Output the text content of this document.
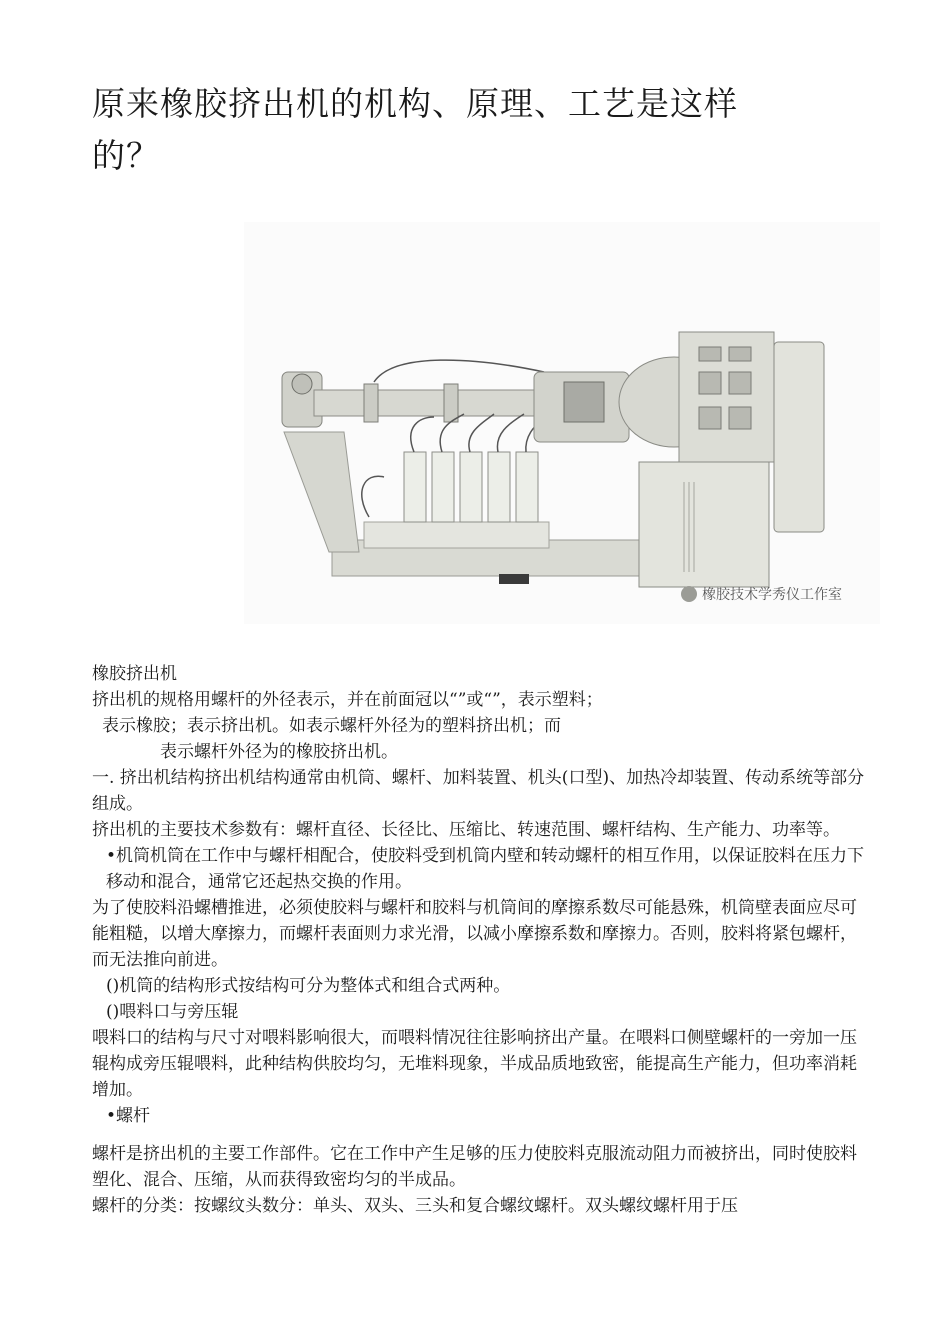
原来橡胶挤出机的机构、原理、工艺是这样
的？
橡胶技术学秀仪工作室

橡胶挤出机

挤出机的规格用螺杆的外径表示，并在前面冠以“”或“”，表示塑料；

表示橡胶；表示挤出机。如表示螺杆外径为的塑料挤出机；而

表示螺杆外径为的橡胶挤出机。

一. 挤出机结构挤出机结构通常由机筒、螺杆、加料装置、机头(口型)、加热冷却装置、传动系统等部分组成。

挤出机的主要技术参数有：螺杆直径、长径比、压缩比、转速范围、螺杆结构、生产能力、功率等。

•机筒机筒在工作中与螺杆相配合，使胶料受到机筒内壁和转动螺杆的相互作用，以保证胶料在压力下移动和混合，通常它还起热交换的作用。

为了使胶料沿螺槽推进，必须使胶料与螺杆和胶料与机筒间的摩擦系数尽可能悬殊，机筒壁表面应尽可能粗糙，以增大摩擦力，而螺杆表面则力求光滑，以减小摩擦系数和摩擦力。否则，胶料将紧包螺杆，而无法推向前进。

()机筒的结构形式按结构可分为整体式和组合式两种。

()喂料口与旁压辊

喂料口的结构与尺寸对喂料影响很大，而喂料情况往往影响挤出产量。在喂料口侧壁螺杆的一旁加一压辊构成旁压辊喂料，此种结构供胶均匀，无堆料现象，半成品质地致密，能提高生产能力，但功率消耗增加。

•螺杆

螺杆是挤出机的主要工作部件。它在工作中产生足够的压力使胶料克服流动阻力而被挤出，同时使胶料塑化、混合、压缩，从而获得致密均匀的半成品。

螺杆的分类：按螺纹头数分：单头、双头、三头和复合螺纹螺杆。双头螺纹螺杆用于压
